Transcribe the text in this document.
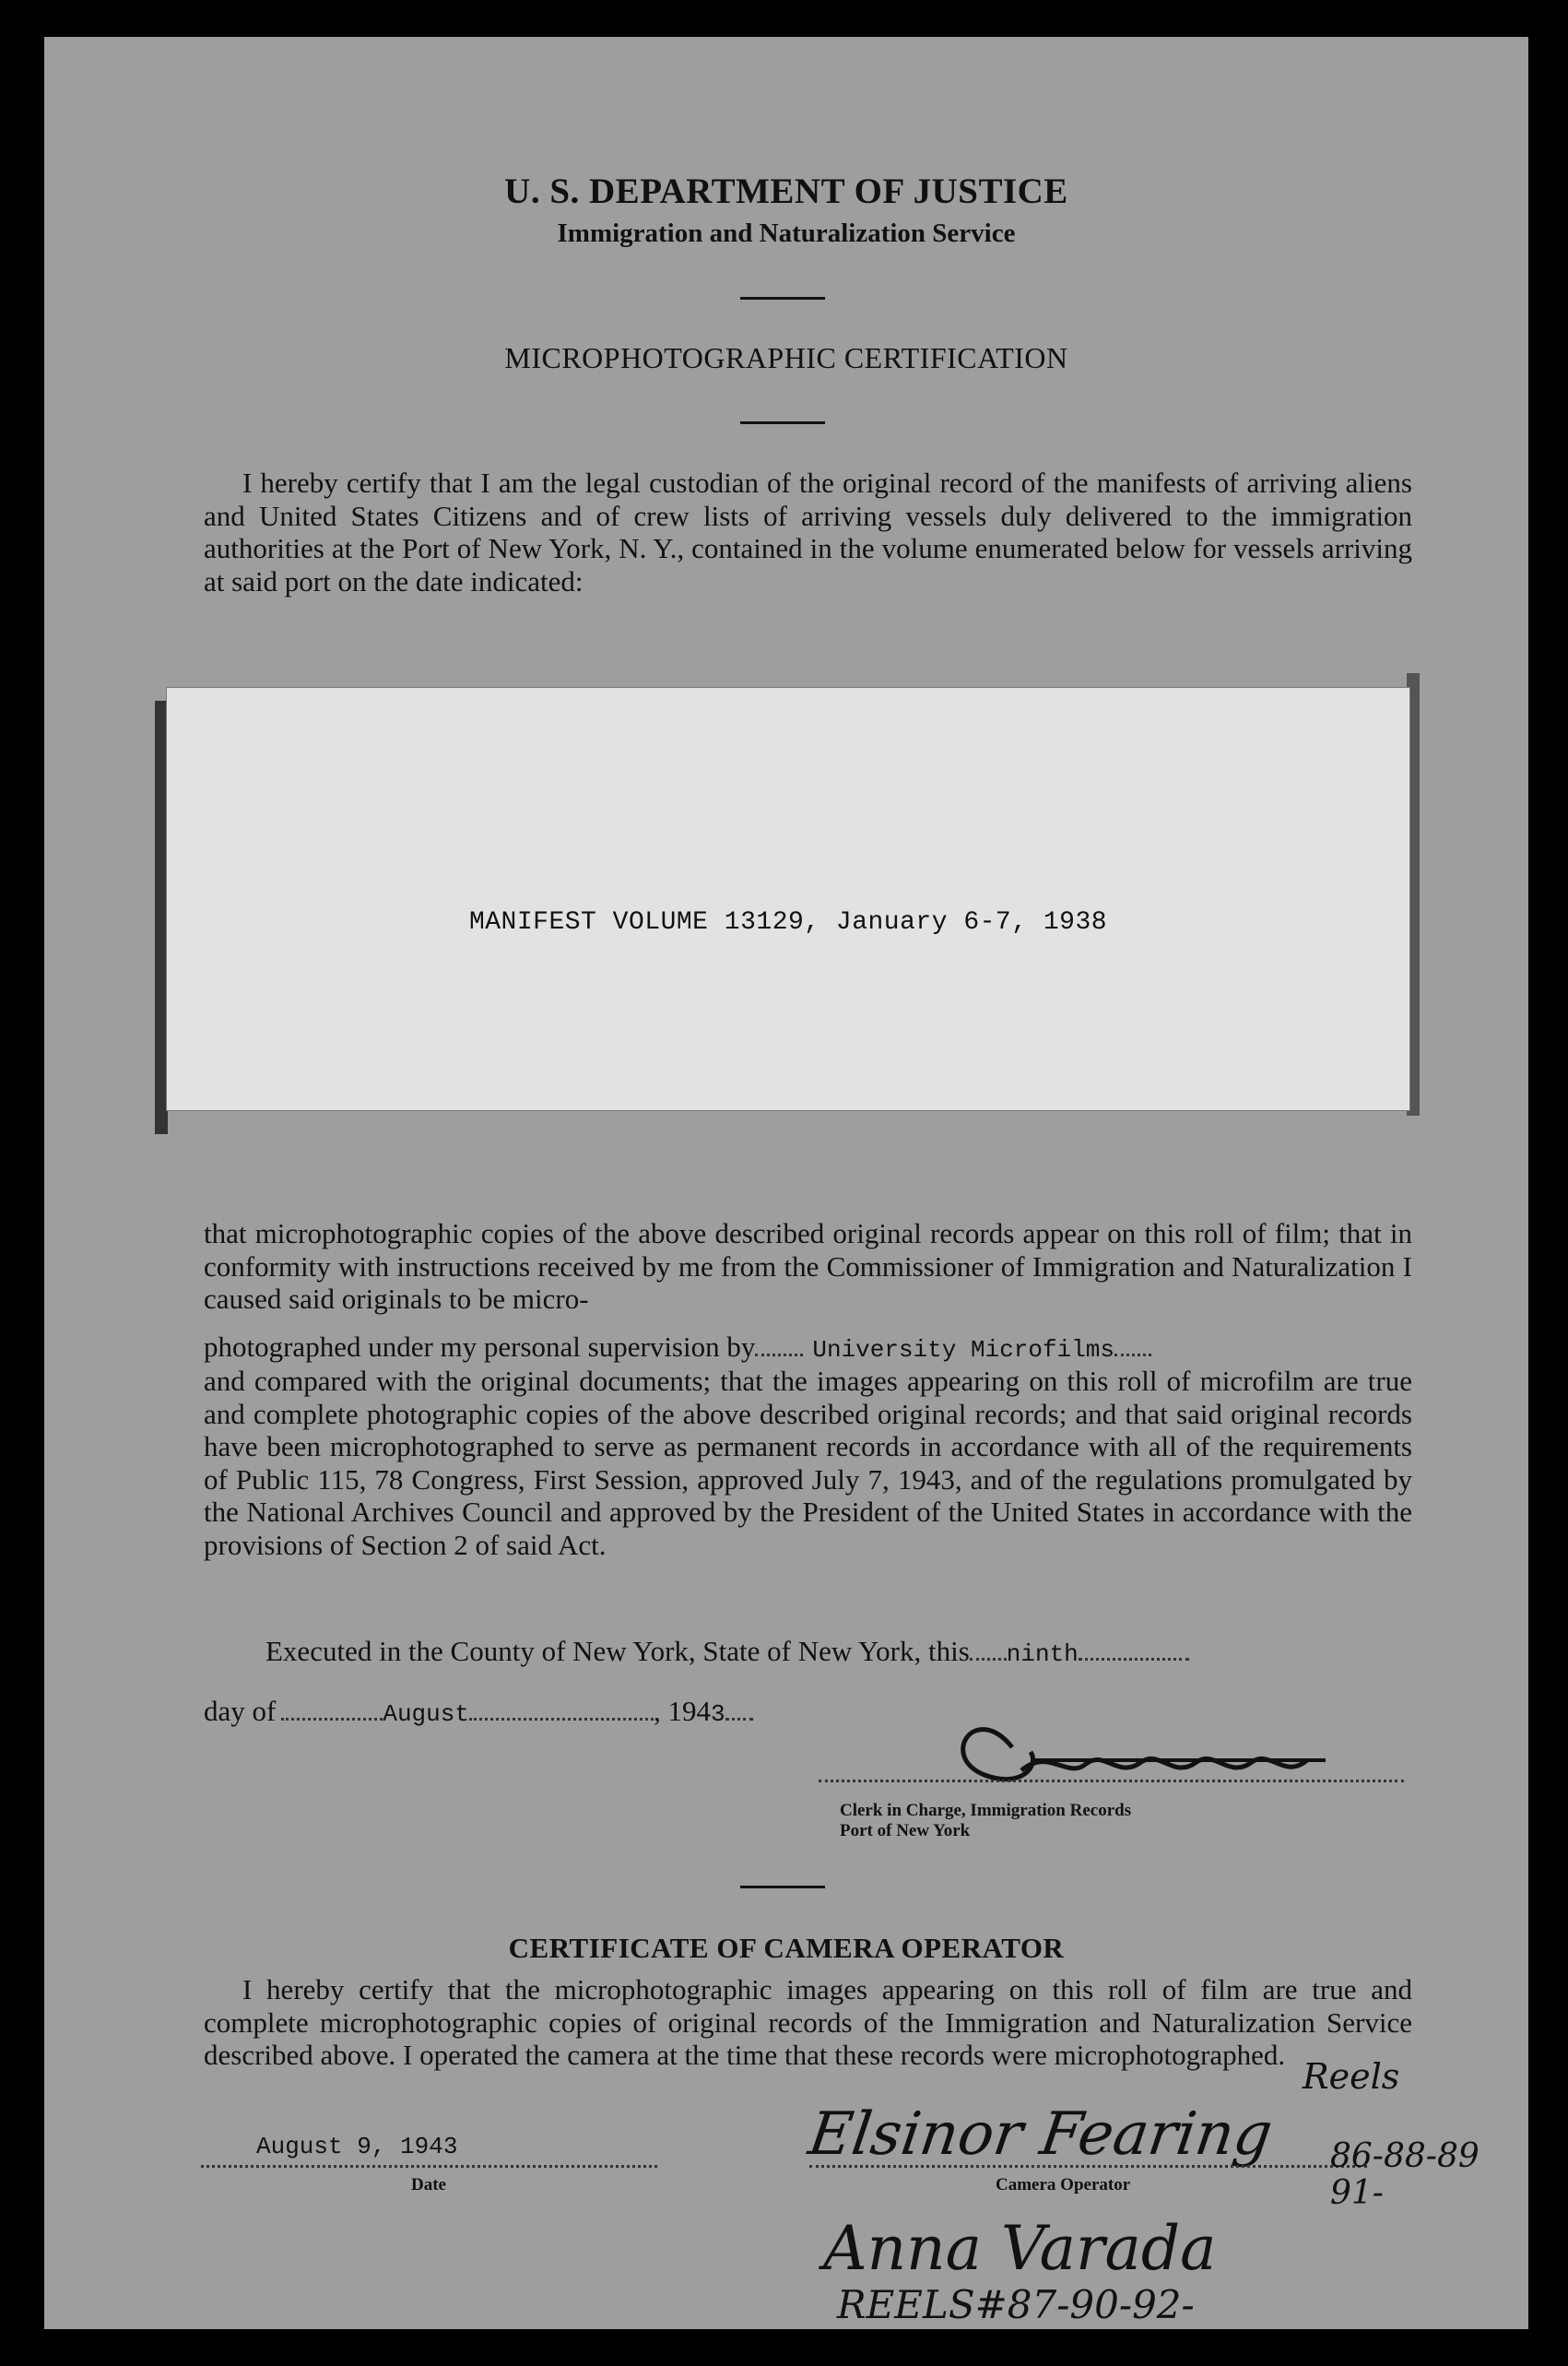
U. S. DEPARTMENT OF JUSTICE
Immigration and Naturalization Service
MICROPHOTOGRAPHIC CERTIFICATION
I hereby certify that I am the legal custodian of the original record of the manifests of arriving aliens and United States Citizens and of crew lists of arriving vessels duly delivered to the immigration authorities at the Port of New York, N. Y., contained in the volume enumerated below for vessels arriving at said port on the date indicated:
MANIFEST VOLUME 13129, January 6-7, 1938
that microphotographic copies of the above described original records appear on this roll of film; that in conformity with instructions received by me from the Commissioner of Immigration and Naturalization I caused said originals to be micro-
photographed under my personal supervision by University Microfilms
and compared with the original documents; that the images appearing on this roll of microfilm are true and complete photographic copies of the above described original records; and that said original records have been microphotographed to serve as permanent records in accordance with all of the requirements of Public 115, 78 Congress, First Session, approved July 7, 1943, and of the regulations promulgated by the National Archives Council and approved by the President of the United States in accordance with the provisions of Section 2 of said Act.
Executed in the County of New York, State of New York, this ninth
day of	August	, 1943	Geo Aucocc
Clerk in Charge, Immigration Records
Port of New York
CERTIFICATE OF CAMERA OPERATOR
I hereby certify that the microphotographic images appearing on this roll of film are true and complete microphotographic copies of original records of the Immigration and Naturalization Service described above. I operated the camera at the time that these records were microphotographed.
August 9, 1943
Date
Elsinor Fearing
Camera Operator
Reels
86-88-89
91-
Anna Varada
REELS#87-90-92-
